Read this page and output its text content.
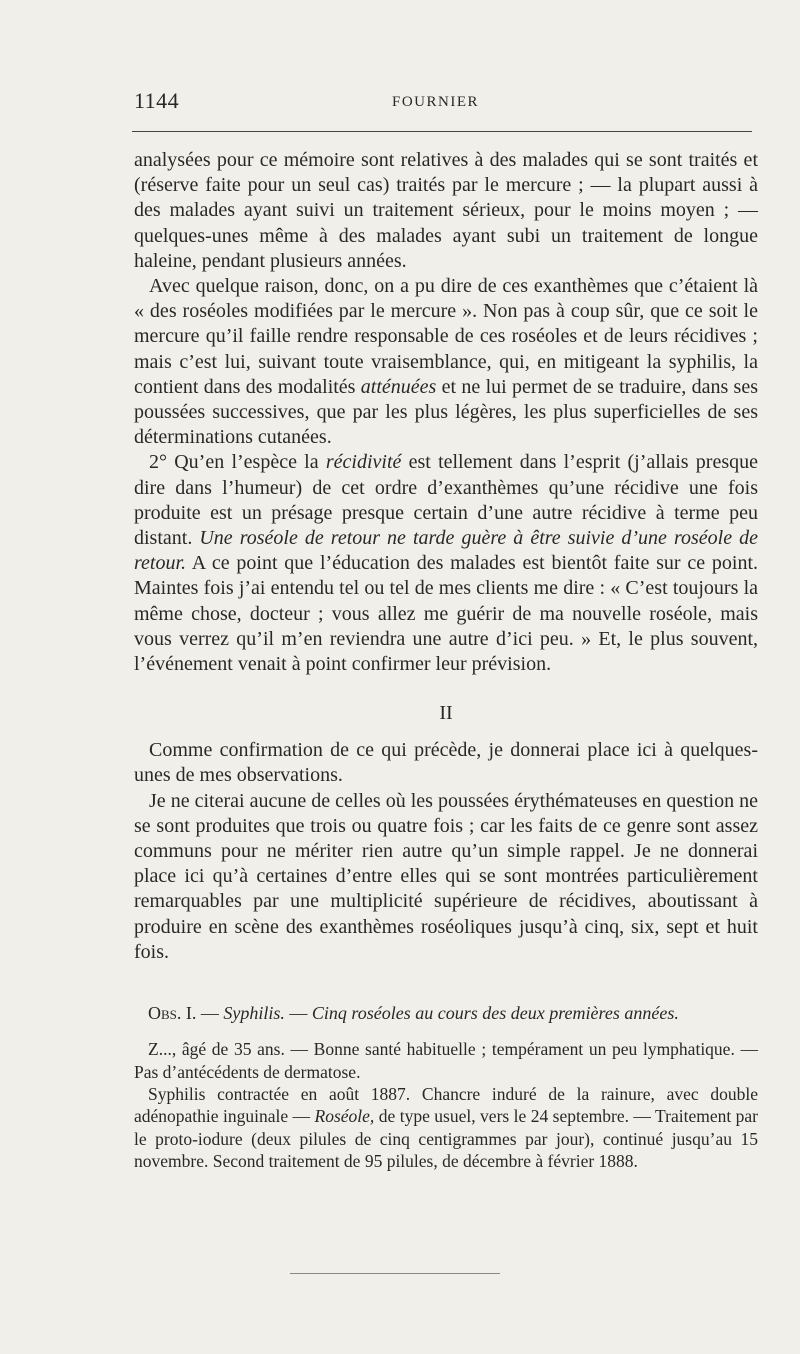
1144	FOURNIER

analysées pour ce mémoire sont relatives à des malades qui se sont traités et (réserve faite pour un seul cas) traités par le mercure ; — la plupart aussi à des malades ayant suivi un traitement sérieux, pour le moins moyen ; — quelques-unes même à des malades ayant subi un traitement de longue haleine, pendant plusieurs années.

Avec quelque raison, donc, on a pu dire de ces exanthèmes que c’étaient là « des roséoles modifiées par le mercure ». Non pas à coup sûr, que ce soit le mercure qu’il faille rendre responsable de ces roséoles et de leurs récidives ; mais c’est lui, suivant toute vraisemblance, qui, en mitigeant la syphilis, la contient dans des modalités atténuées et ne lui permet de se traduire, dans ses poussées successives, que par les plus légères, les plus superficielles de ses déterminations cutanées.

2° Qu’en l’espèce la récidivité est tellement dans l’esprit (j’allais presque dire dans l’humeur) de cet ordre d’exanthèmes qu’une récidive une fois produite est un présage presque certain d’une autre récidive à terme peu distant. Une roséole de retour ne tarde guère à être suivie d’une roséole de retour. A ce point que l’éducation des malades est bientôt faite sur ce point. Maintes fois j’ai entendu tel ou tel de mes clients me dire : « C’est toujours la même chose, docteur ; vous allez me guérir de ma nouvelle roséole, mais vous verrez qu’il m’en reviendra une autre d’ici peu. » Et, le plus souvent, l’événement venait à point confirmer leur prévision.

II

Comme confirmation de ce qui précède, je donnerai place ici à quelques-unes de mes observations.

Je ne citerai aucune de celles où les poussées érythémateuses en question ne se sont produites que trois ou quatre fois ; car les faits de ce genre sont assez communs pour ne mériter rien autre qu’un simple rappel. Je ne donnerai place ici qu’à certaines d’entre elles qui se sont montrées particulièrement remarquables par une multiplicité supérieure de récidives, aboutissant à produire en scène des exanthèmes roséoliques jusqu’à cinq, six, sept et huit fois.

Obs. I. — Syphilis. — Cinq roséoles au cours des deux premières années.

Z..., âgé de 35 ans. — Bonne santé habituelle ; tempérament un peu lymphatique. — Pas d’antécédents de dermatose.

Syphilis contractée en août 1887. Chancre induré de la rainure, avec double adénopathie inguinale — Roséole, de type usuel, vers le 24 septembre. — Traitement par le proto-iodure (deux pilules de cinq centigrammes par jour), continué jusqu’au 15 novembre. Second traitement de 95 pilules, de décembre à février 1888.
